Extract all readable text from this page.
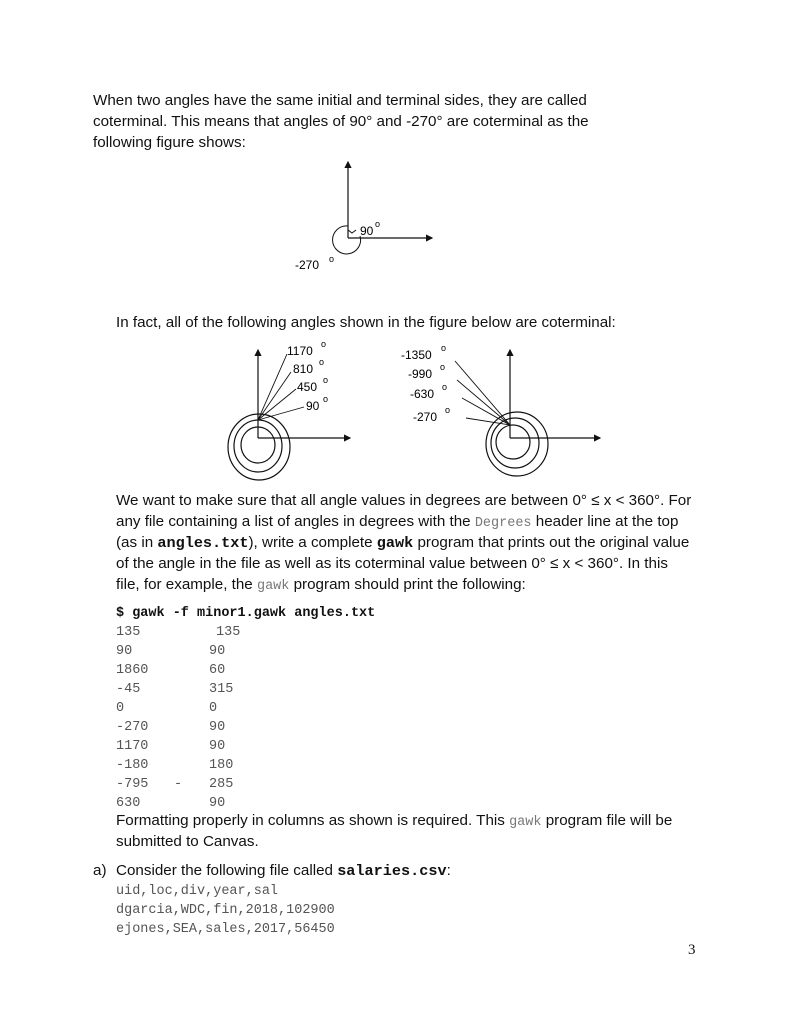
When two angles have the same initial and terminal sides, they are called
coterminal. This means that angles of 90° and -270° are coterminal as the
following figure shows:
90 o
-270 o
In fact, all of the following angles shown in the figure below are coterminal:
1170 o
810 o
450 o
90 o
-1350 o
-990 o
-630 o
-270 o
We want to make sure that all angle values in degrees are between 0° ≤ x < 360°. For
any file containing a list of angles in degrees with the Degrees header line at the top
(as in angles.txt), write a complete gawk program that prints out the original value
of the angle in the file as well as its coterminal value between 0° ≤ x < 360°. In this
file, for example, the gawk program should print the following:
$ gawk -f minor1.gawk angles.txt
135	135
90	90
1860	60
-45	315
0	0
-270	90
1170	90
-180	180
-795	285
630	90
-
Formatting properly in columns as shown is required. This gawk program file will be
submitted to Canvas.
a) Consider the following file called salaries.csv:
uid,loc,div,year,sal
dgarcia,WDC,fin,2018,102900
ejones,SEA,sales,2017,56450
3
